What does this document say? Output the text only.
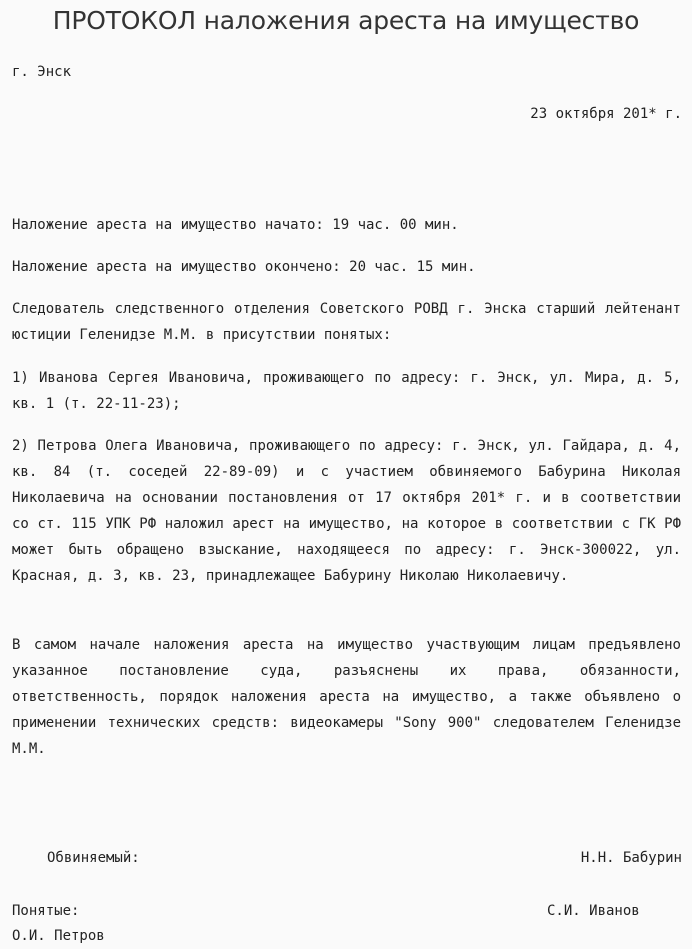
ПРОТОКОЛ наложения ареста на имущество
г. Энск
23 октября 201* г.
Наложение ареста на имущество начато: 19 час. 00 мин.
Наложение ареста на имущество окончено: 20 час. 15 мин.

Следователь следственного отделения Советского РОВД г. Энска старший лейтенант юстиции Геленидзе М.М. в присутствии понятых:

1) Иванова Сергея Ивановича, проживающего по адресу: г. Энск, ул. Мира, д. 5, кв. 1 (т. 22-11-23);

2) Петрова Олега Ивановича, проживающего по адресу: г. Энск, ул. Гайдара, д. 4, кв. 84 (т. соседей 22-89-09) и с участием обвиняемого Бабурина Николая Николаевича на основании постановления от 17 октября 201* г. и в соответствии со ст. 115 УПК РФ наложил арест на имущество, на которое в соответствии с ГК РФ может быть обращено взыскание, находящееся по адресу: г. Энск-300022, ул. Красная, д. 3, кв. 23, принадлежащее Бабурину Николаю Николаевичу.

В самом начале наложения ареста на имущество участвующим лицам предъявлено указанное постановление суда, разъяснены их права, обязанности, ответственность, порядок наложения ареста на имущество, а также объявлено о применении технических средств: видеокамеры "Sony 900" следователем Геленидзе М.М.

Обвиняемый:	Н.Н. Бабурин
Понятые:	С.И. Иванов
О.И. Петров
